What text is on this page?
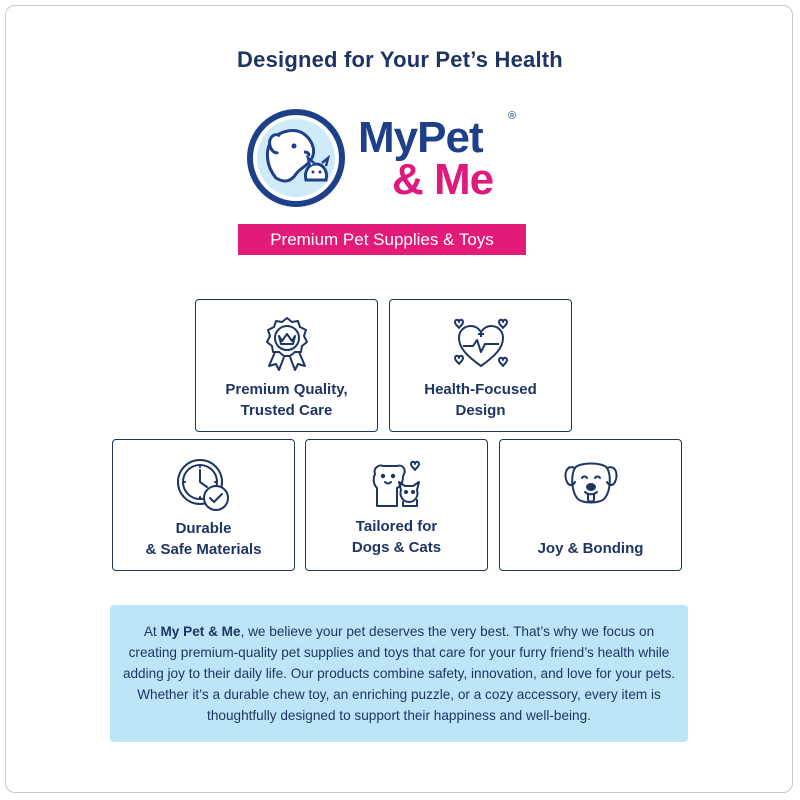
Designed for Your Pet’s Health
MyPet ®
& Me
Premium Pet Supplies & Toys
Premium Quality,
Trusted Care
Health-Focused
Design
Durable
& Safe Materials
Tailored for
Dogs & Cats	Joy & Bonding
At My Pet & Me, we believe your pet deserves the very best. That’s why we focus on creating premium-quality pet supplies and toys that care for your furry friend’s health while adding joy to their daily life. Our products combine safety, innovation, and love for your pets. Whether it’s a durable chew toy, an enriching puzzle, or a cozy accessory, every item is thoughtfully designed to support their happiness and well-being.
